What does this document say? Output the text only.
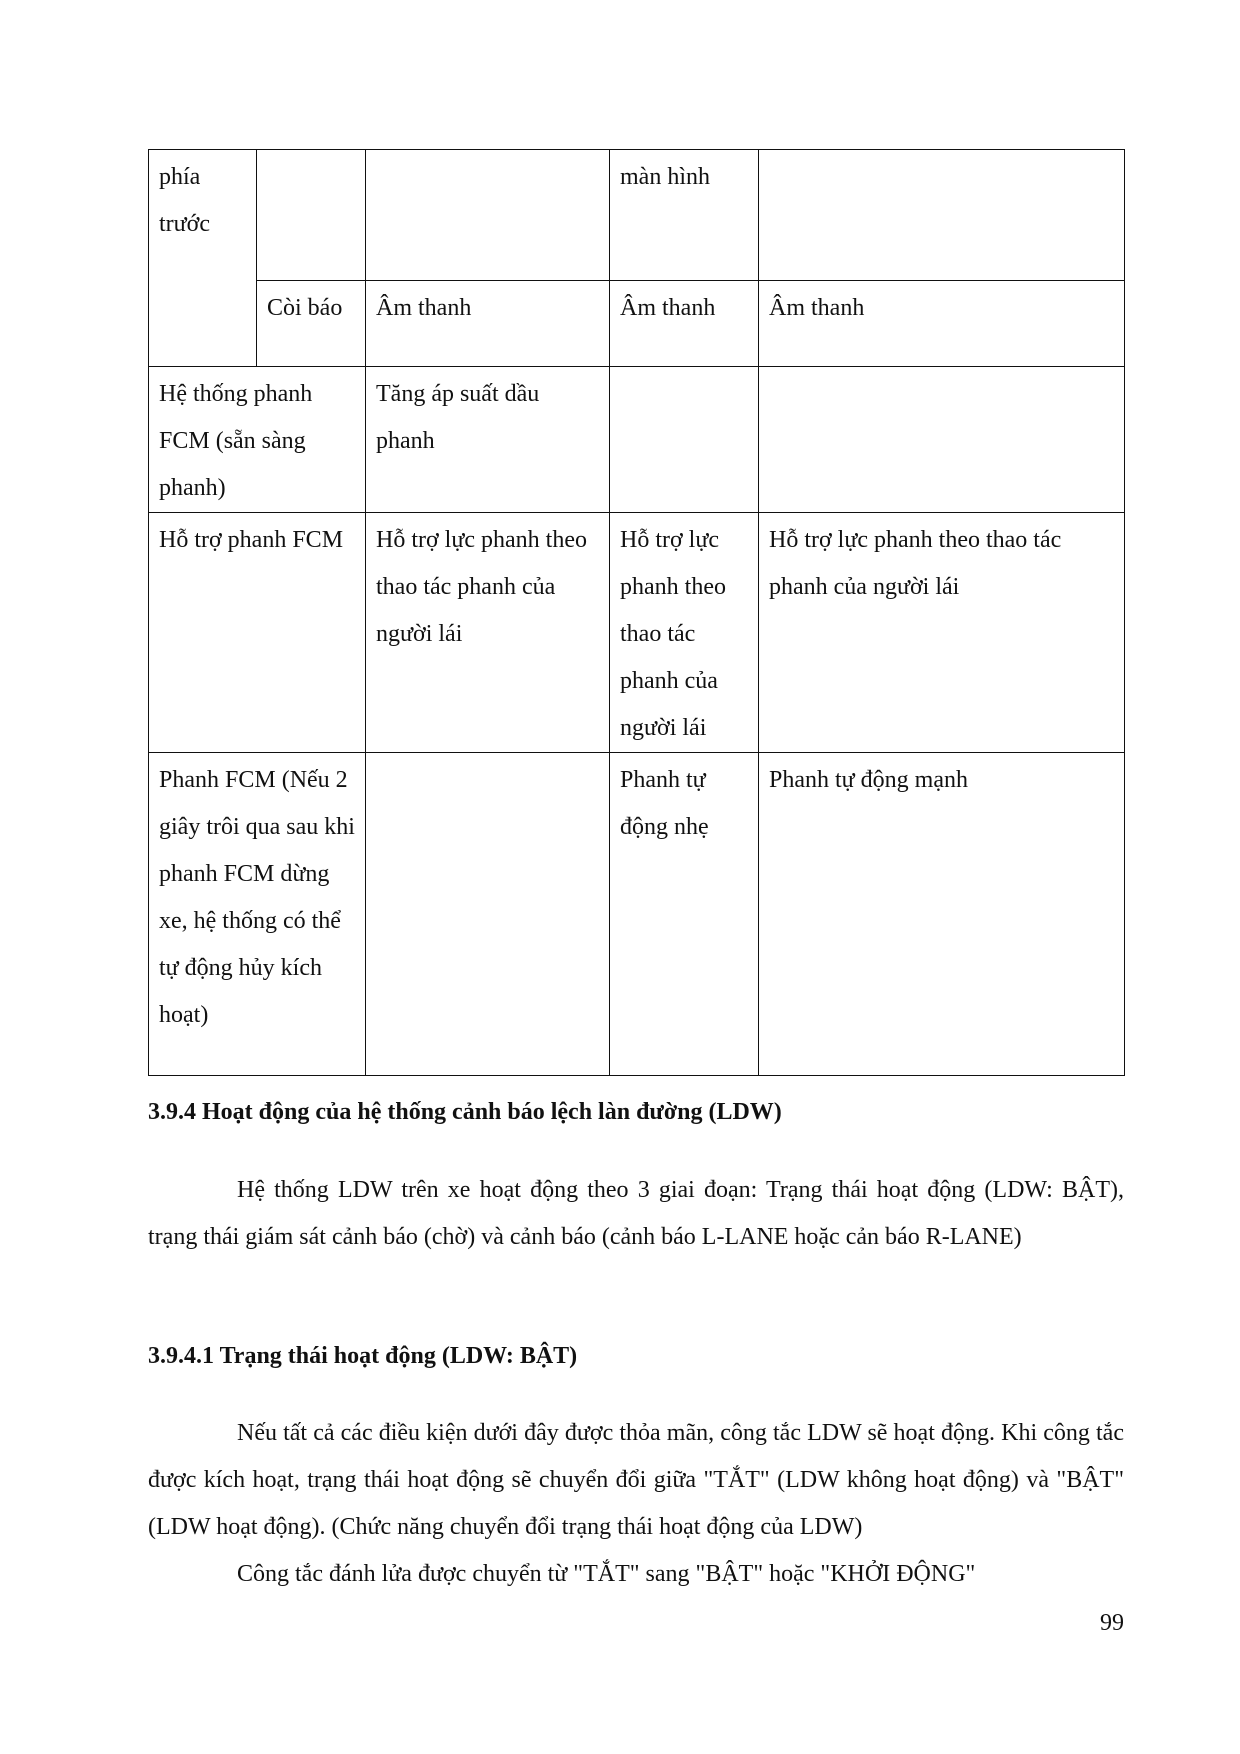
phía trước			màn hình	
	Còi báo	Âm thanh	Âm thanh	Âm thanh
Hệ thống phanh FCM (sẵn sàng phanh)		Tăng áp suất dầu phanh		
Hỗ trợ phanh FCM		Hỗ trợ lực phanh theo thao tác phanh của người lái	Hỗ trợ lực phanh theo thao tác phanh của người lái	Hỗ trợ lực phanh theo thao tác phanh của người lái
Phanh FCM (Nếu 2 giây trôi qua sau khi phanh FCM dừng xe, hệ thống có thể tự động hủy kích hoạt)			Phanh tự động nhẹ	Phanh tự động mạnh
3.9.4 Hoạt động của hệ thống cảnh báo lệch làn đường (LDW)
Hệ thống LDW trên xe hoạt động theo 3 giai đoạn: Trạng thái hoạt động (LDW: BẬT), trạng thái giám sát cảnh báo (chờ) và cảnh báo (cảnh báo L-LANE hoặc cản báo R-LANE)
3.9.4.1 Trạng thái hoạt động (LDW: BẬT)
Nếu tất cả các điều kiện dưới đây được thỏa mãn, công tắc LDW sẽ hoạt động. Khi công tắc được kích hoạt, trạng thái hoạt động sẽ chuyển đổi giữa "TẮT" (LDW không hoạt động) và "BẬT" (LDW hoạt động). (Chức năng chuyển đổi trạng thái hoạt động của LDW)
Công tắc đánh lửa được chuyển từ "TẮT" sang "BẬT" hoặc "KHỞI ĐỘNG"
99
